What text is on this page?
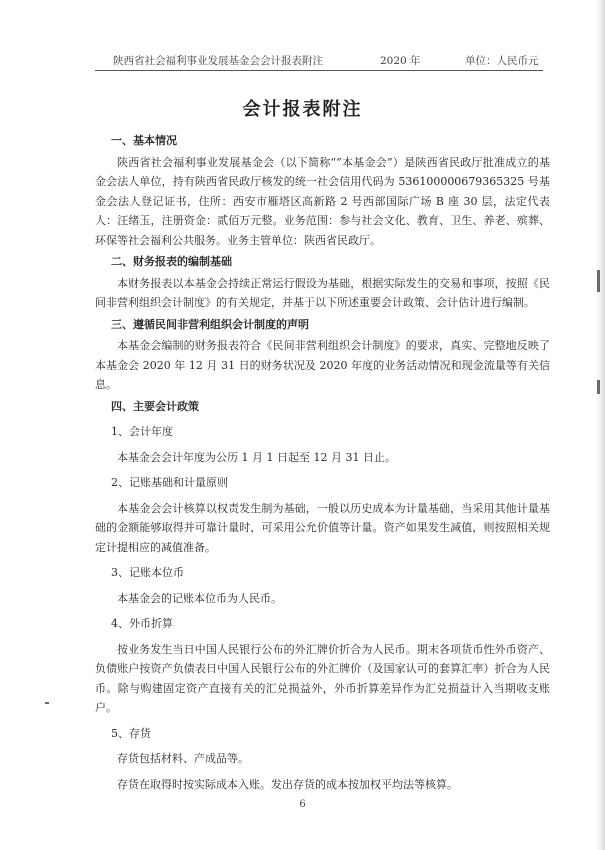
陕西省社会福利事业发展基金会会计报表附注	2020 年	单位：人民币元
会计报表附注
一、基本情况
陕西省社会福利事业发展基金会（以下简称“”本基金会”）是陕西省民政厅批准成立的基金会法人单位，持有陕西省民政厅核发的统一社会信用代码为 536100000679365325 号基金会法人登记证书，住所：西安市雁塔区高新路 2 号西部国际广场 B 座 30 层，法定代表人：汪绪玉，注册资金：贰佰万元整。业务范围：参与社会文化、教育、卫生、养老、殡葬、环保等社会福利公共服务。业务主管单位：陕西省民政厅。
二、财务报表的编制基础
本财务报表以本基金会持续正常运行假设为基础，根据实际发生的交易和事项，按照《民间非营利组织会计制度》的有关规定，并基于以下所述重要会计政策、会计估计进行编制。
三、遵循民间非营利组织会计制度的声明
本基金会编制的财务报表符合《民间非营利组织会计制度》的要求，真实、完整地反映了本基金会 2020 年 12 月 31 日的财务状况及 2020 年度的业务活动情况和现金流量等有关信息。
四、主要会计政策
1、会计年度
本基金会会计年度为公历 1 月 1 日起至 12 月 31 日止。
2、记账基础和计量原则
本基金会会计核算以权责发生制为基础，一般以历史成本为计量基础，当采用其他计量基础的金额能够取得并可靠计量时，可采用公允价值等计量。资产如果发生减值，则按照相关规定计提相应的减值准备。
3、记账本位币
本基金会的记账本位币为人民币。
4、外币折算
按业务发生当日中国人民银行公布的外汇牌价折合为人民币。期末各项货币性外币资产、负债账户按资产负债表日中国人民银行公布的外汇牌价（及国家认可的套算汇率）折合为人民币。除与购建固定资产直接有关的汇兑损益外，外币折算差异作为汇兑损益计入当期收支账户。
5、存货
存货包括材料、产成品等。
存货在取得时按实际成本入账。发出存货的成本按加权平均法等核算。
6
